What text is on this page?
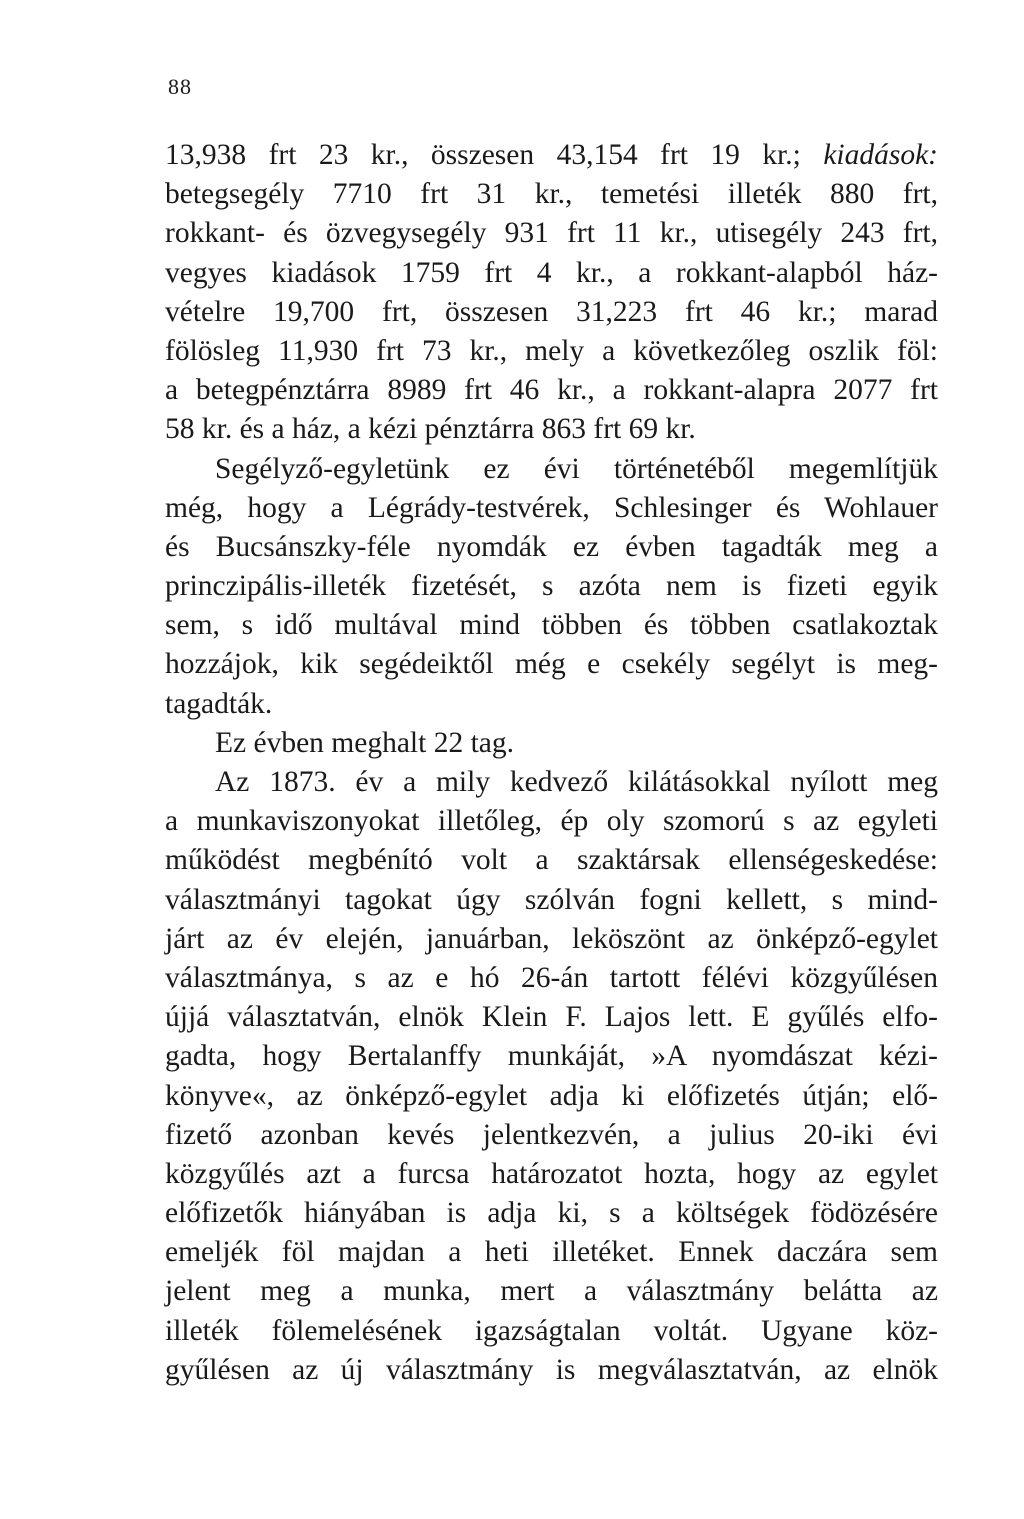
88
13,938 frt 23 kr., összesen 43,154 frt 19 kr.; kiadások:
betegsegély 7710 frt 31 kr., temetési illeték 880 frt,
rokkant- és özvegysegély 931 frt 11 kr., utisegély 243 frt,
vegyes kiadások 1759 frt 4 kr., a rokkant-alapból ház-
vételre 19,700 frt, összesen 31,223 frt 46 kr.; marad
fölösleg 11,930 frt 73 kr., mely a következőleg oszlik föl:
a betegpénztárra 8989 frt 46 kr., a rokkant-alapra 2077 frt
58 kr. és a ház, a kézi pénztárra 863 frt 69 kr.
Segélyző-egyletünk ez évi történetéből megemlítjük
még, hogy a Légrády-testvérek, Schlesinger és Wohlauer
és Bucsánszky-féle nyomdák ez évben tagadták meg a
princzipális-illeték fizetését, s azóta nem is fizeti egyik
sem, s idő multával mind többen és többen csatlakoztak
hozzájok, kik segédeiktől még e csekély segélyt is meg-
tagadták.
Ez évben meghalt 22 tag.
Az 1873. év a mily kedvező kilátásokkal nyílott meg
a munkaviszonyokat illetőleg, ép oly szomorú s az egyleti
működést megbénító volt a szaktársak ellenségeskedése:
választmányi tagokat úgy szólván fogni kellett, s mind-
járt az év elején, januárban, leköszönt az önképző-egylet
választmánya, s az e hó 26-án tartott félévi közgyűlésen
újjá választatván, elnök Klein F. Lajos lett. E gyűlés elfo-
gadta, hogy Bertalanffy munkáját, »A nyomdászat kézi-
könyve«, az önképző-egylet adja ki előfizetés útján; elő-
fizető azonban kevés jelentkezvén, a julius 20-iki évi
közgyűlés azt a furcsa határozatot hozta, hogy az egylet
előfizetők hiányában is adja ki, s a költségek födözésére
emeljék föl majdan a heti illetéket. Ennek daczára sem
jelent meg a munka, mert a választmány belátta az
illeték fölemelésének igazságtalan voltát. Ugyane köz-
gyűlésen az új választmány is megválasztatván, az elnök
